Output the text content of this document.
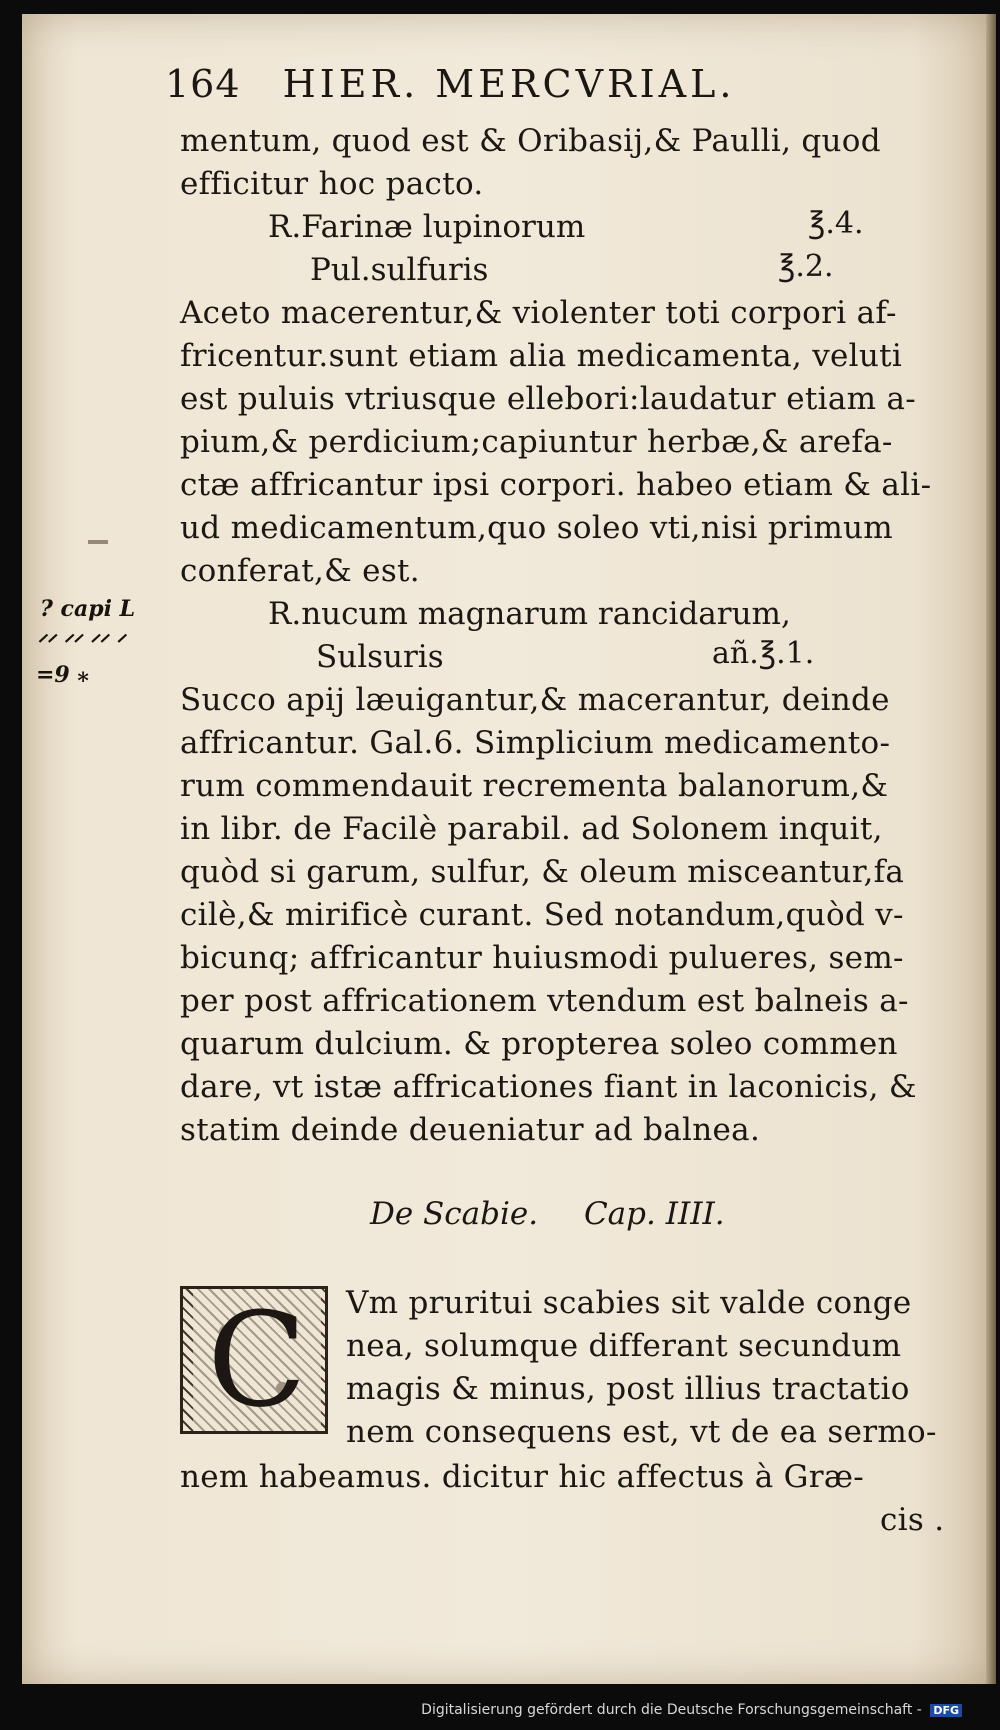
164 HIER. MERCVRIAL.
mentum, quod est & Oribasij,& Paulli, quod
efficitur hoc pacto.
R.Farinæ lupinorum	℥.4.
Pul.sulfuris	℥.2.
Aceto macerentur,& violenter toti corpori af-
fricentur.sunt etiam alia medicamenta, veluti
est puluis vtriusque ellebori:laudatur etiam a-
pium,& perdicium;capiuntur herbæ,& arefa-
ctæ affricantur ipsi corpori. habeo etiam & ali-
ud medicamentum,quo soleo vti,nisi primum
conferat,& est.
R.nucum magnarum rancidarum,
Sulsuris	añ.℥.1.
? capi L
ᐟᐟ ᐟᐟ ᐟᐟ ᐟ
=9 ⁎
Succo apij læuigantur,& macerantur, deinde
affricantur. Gal.6. Simplicium medicamento-
rum commendauit recrementa balanorum,&
in libr. de Facilè parabil. ad Solonem inquit,
quòd si garum, sulfur, & oleum misceantur,fa
cilè,& mirificè curant. Sed notandum,quòd v-
bicunq; affricantur huiusmodi pulueres, sem-
per post affricationem vtendum est balneis a-
quarum dulcium. & propterea soleo commen
dare, vt istæ affricationes fiant in laconicis, &
statim deinde deueniatur ad balnea.
De Scabie. Cap. IIII.
C	Vm pruritui scabies sit valde conge
nea, solumque differant secundum
magis & minus, post illius tractatio
nem consequens est, vt de ea sermo-
nem habeamus. dicitur hic affectus à Græ-
cis .
Digitalisierung gefördert durch die Deutsche Forschungsgemeinschaft - DFG
